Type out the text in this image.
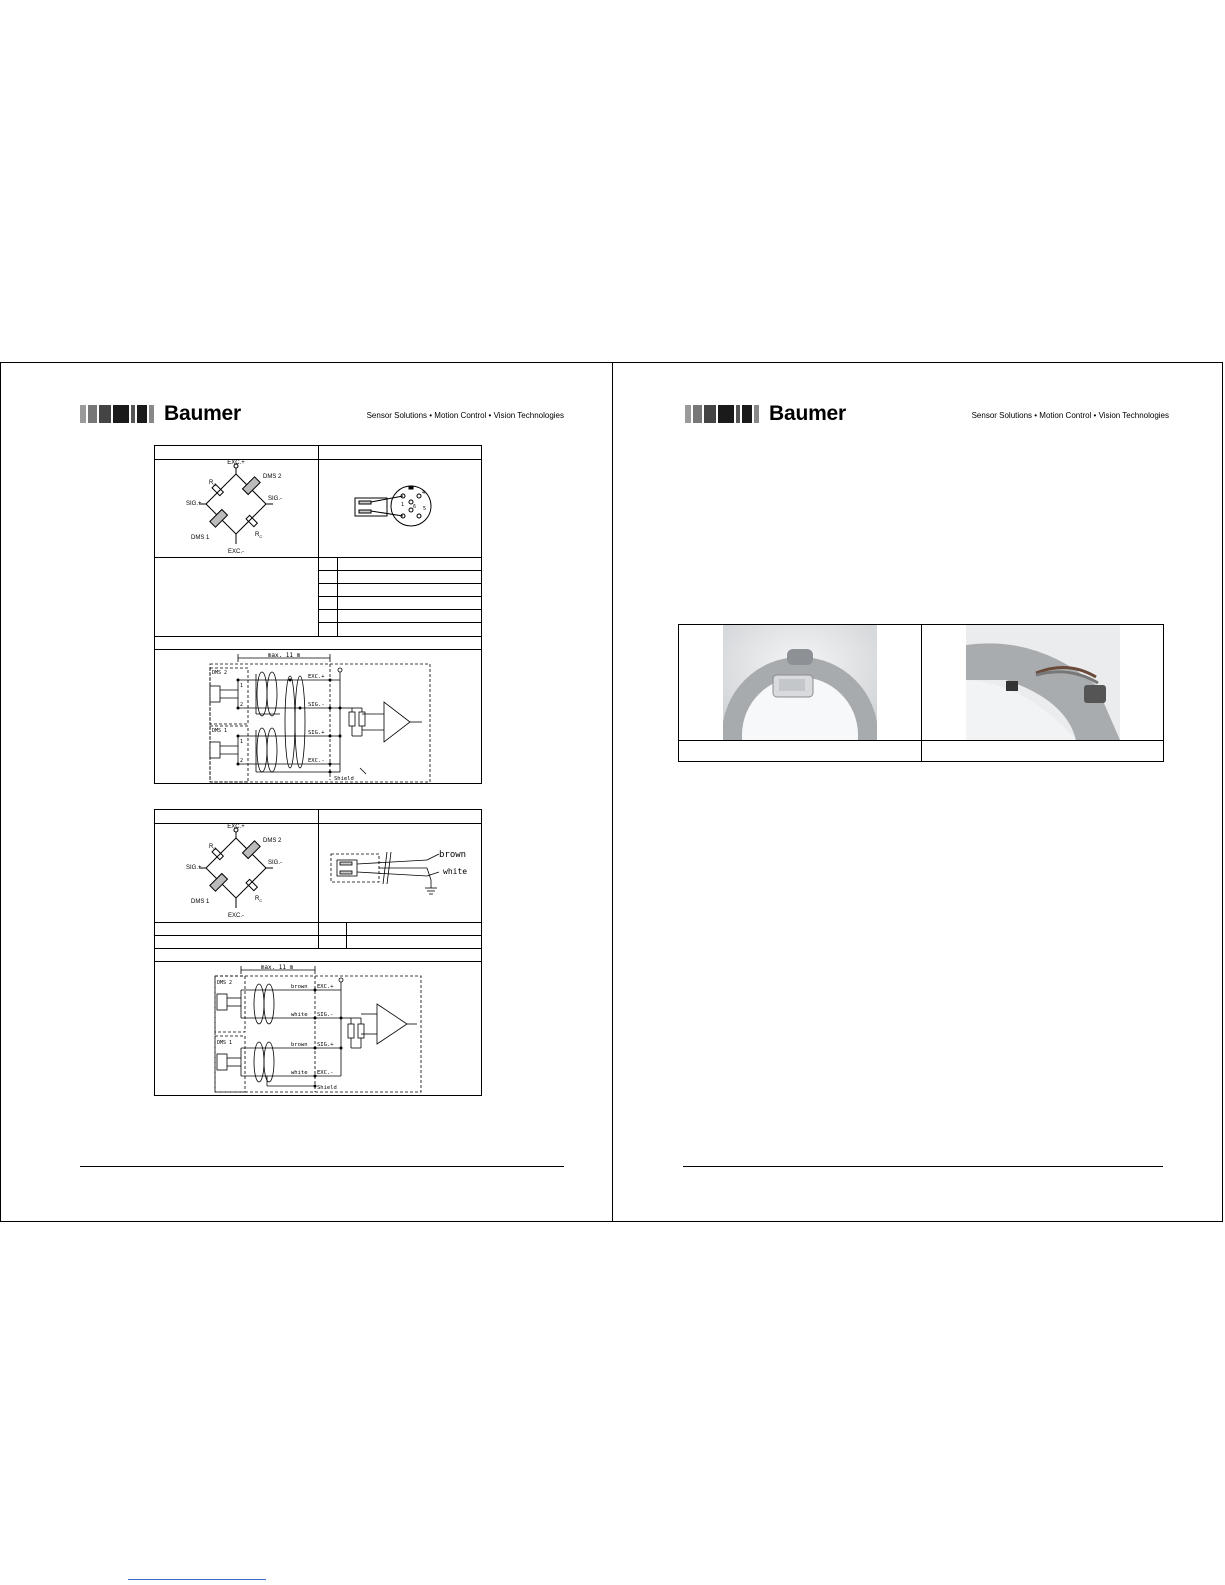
Baumer	Sensor Solutions • Motion Control • Vision Technologies
EXC.+
EXC.-
SIG.+
SIG.-
DMS 2
DMS 1
$R_C$
$R_C$
1
4
5
6
max. 11 m
DMS 2
DMS 1
1
2
1
2
EXC.+
SIG.-
SIG.+
EXC.-
Shield
EXC.+
EXC.-
SIG.+
SIG.-
DMS 2
DMS 1
$R_C$
$R_C$
brown
white
max. 11 m
DMS 2
DMS 1
brown
white
brown
white
EXC.+
SIG.-
SIG.+
EXC.-
Shield
Baumer	Sensor Solutions • Motion Control • Vision Technologies
